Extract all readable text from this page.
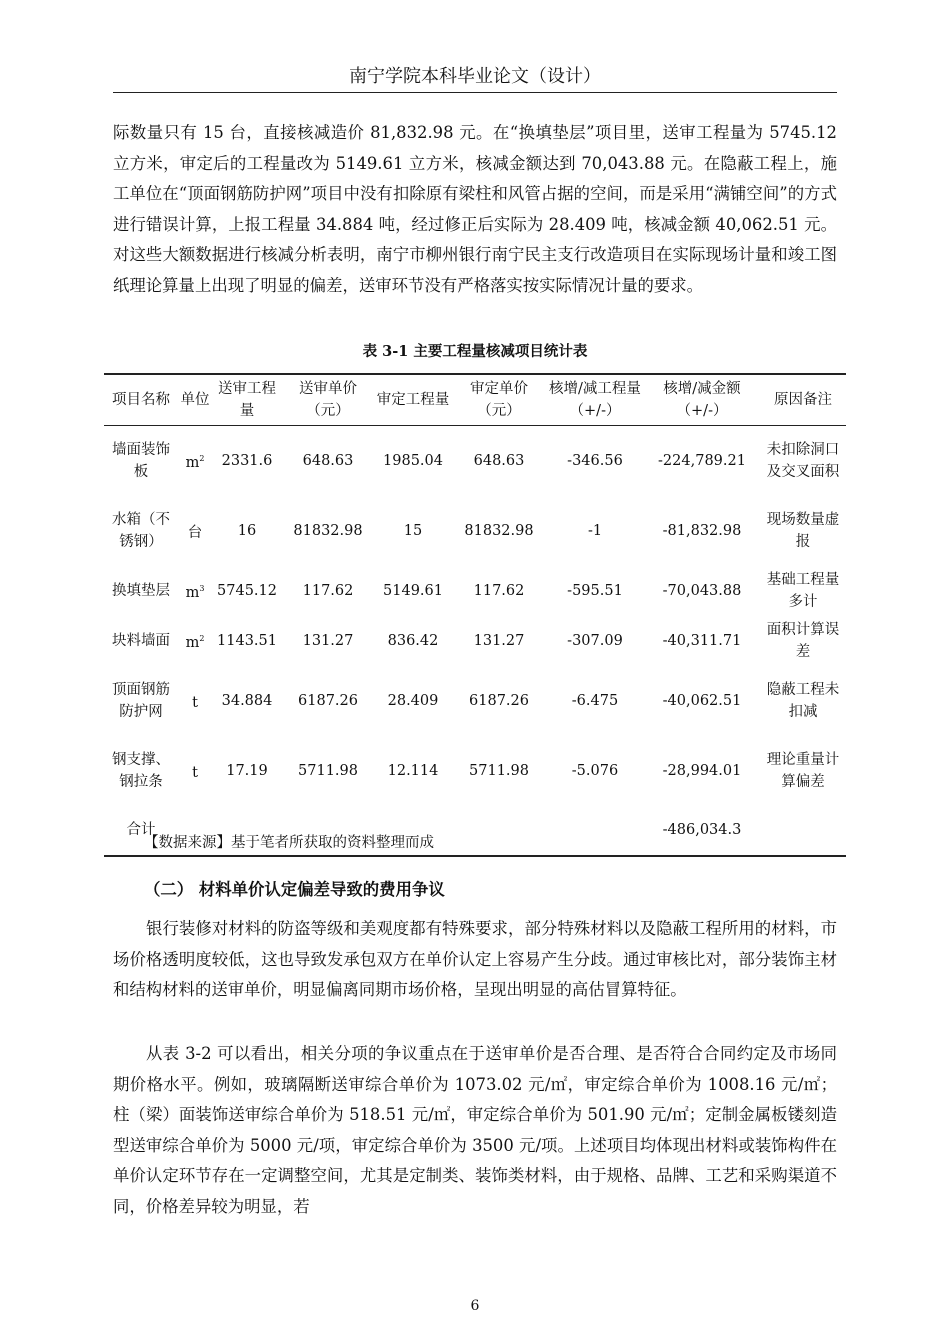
南宁学院本科毕业论文（设计）

际数量只有 15 台，直接核减造价 81,832.98 元。在“换填垫层”项目里，送审工程量为 5745.12 立方米，审定后的工程量改为 5149.61 立方米，核减金额达到 70,043.88 元。在隐蔽工程上，施工单位在“顶面钢筋防护网”项目中没有扣除原有梁柱和风管占据的空间，而是采用“满铺空间”的方式进行错误计算，上报工程量 34.884 吨，经过修正后实际为 28.409 吨，核减金额 40,062.51 元。对这些大额数据进行核减分析表明，南宁市柳州银行南宁民主支行改造项目在实际现场计量和竣工图纸理论算量上出现了明显的偏差，送审环节没有严格落实按实际情况计量的要求。

表 3-1 主要工程量核减项目统计表
项目名称	单位	送审工程量	送审单价（元）	审定工程量	审定单价（元）	核增/减工程量（+/-）	核增/减金额（+/-）	原因备注
墙面装饰板	$m^2$	2331.6	648.63	1985.04	648.63	-346.56	-224,789.21	未扣除洞口及交叉面积
水箱（不锈钢）	台	16	81832.98	15	81832.98	-1	-81,832.98	现场数量虚报
换填垫层	$m^3$	5745.12	117.62	5149.61	117.62	-595.51	-70,043.88	基础工程量多计
块料墙面	$m^2$	1143.51	131.27	836.42	131.27	-307.09	-40,311.71	面积计算误差
顶面钢筋防护网	t	34.884	6187.26	28.409	6187.26	-6.475	-40,062.51	隐蔽工程未扣减
钢支撑、钢拉条	t	17.19	5711.98	12.114	5711.98	-5.076	-28,994.01	理论重量计算偏差
合计							-486,034.3	
【数据来源】基于笔者所获取的资料整理而成
（二） 材料单价认定偏差导致的费用争议

银行装修对材料的防盗等级和美观度都有特殊要求，部分特殊材料以及隐蔽工程所用的材料，市场价格透明度较低，这也导致发承包双方在单价认定上容易产生分歧。通过审核比对，部分装饰主材和结构材料的送审单价，明显偏离同期市场价格，呈现出明显的高估冒算特征。

从表 3-2 可以看出，相关分项的争议重点在于送审单价是否合理、是否符合合同约定及市场同期价格水平。例如，玻璃隔断送审综合单价为 1073.02 元/㎡，审定综合单价为 1008.16 元/㎡；柱（梁）面装饰送审综合单价为 518.51 元/㎡，审定综合单价为 501.90 元/㎡；定制金属板镂刻造型送审综合单价为 5000 元/项，审定综合单价为 3500 元/项。上述项目均体现出材料或装饰构件在单价认定环节存在一定调整空间，尤其是定制类、装饰类材料，由于规格、品牌、工艺和采购渠道不同，价格差异较为明显，若

6
